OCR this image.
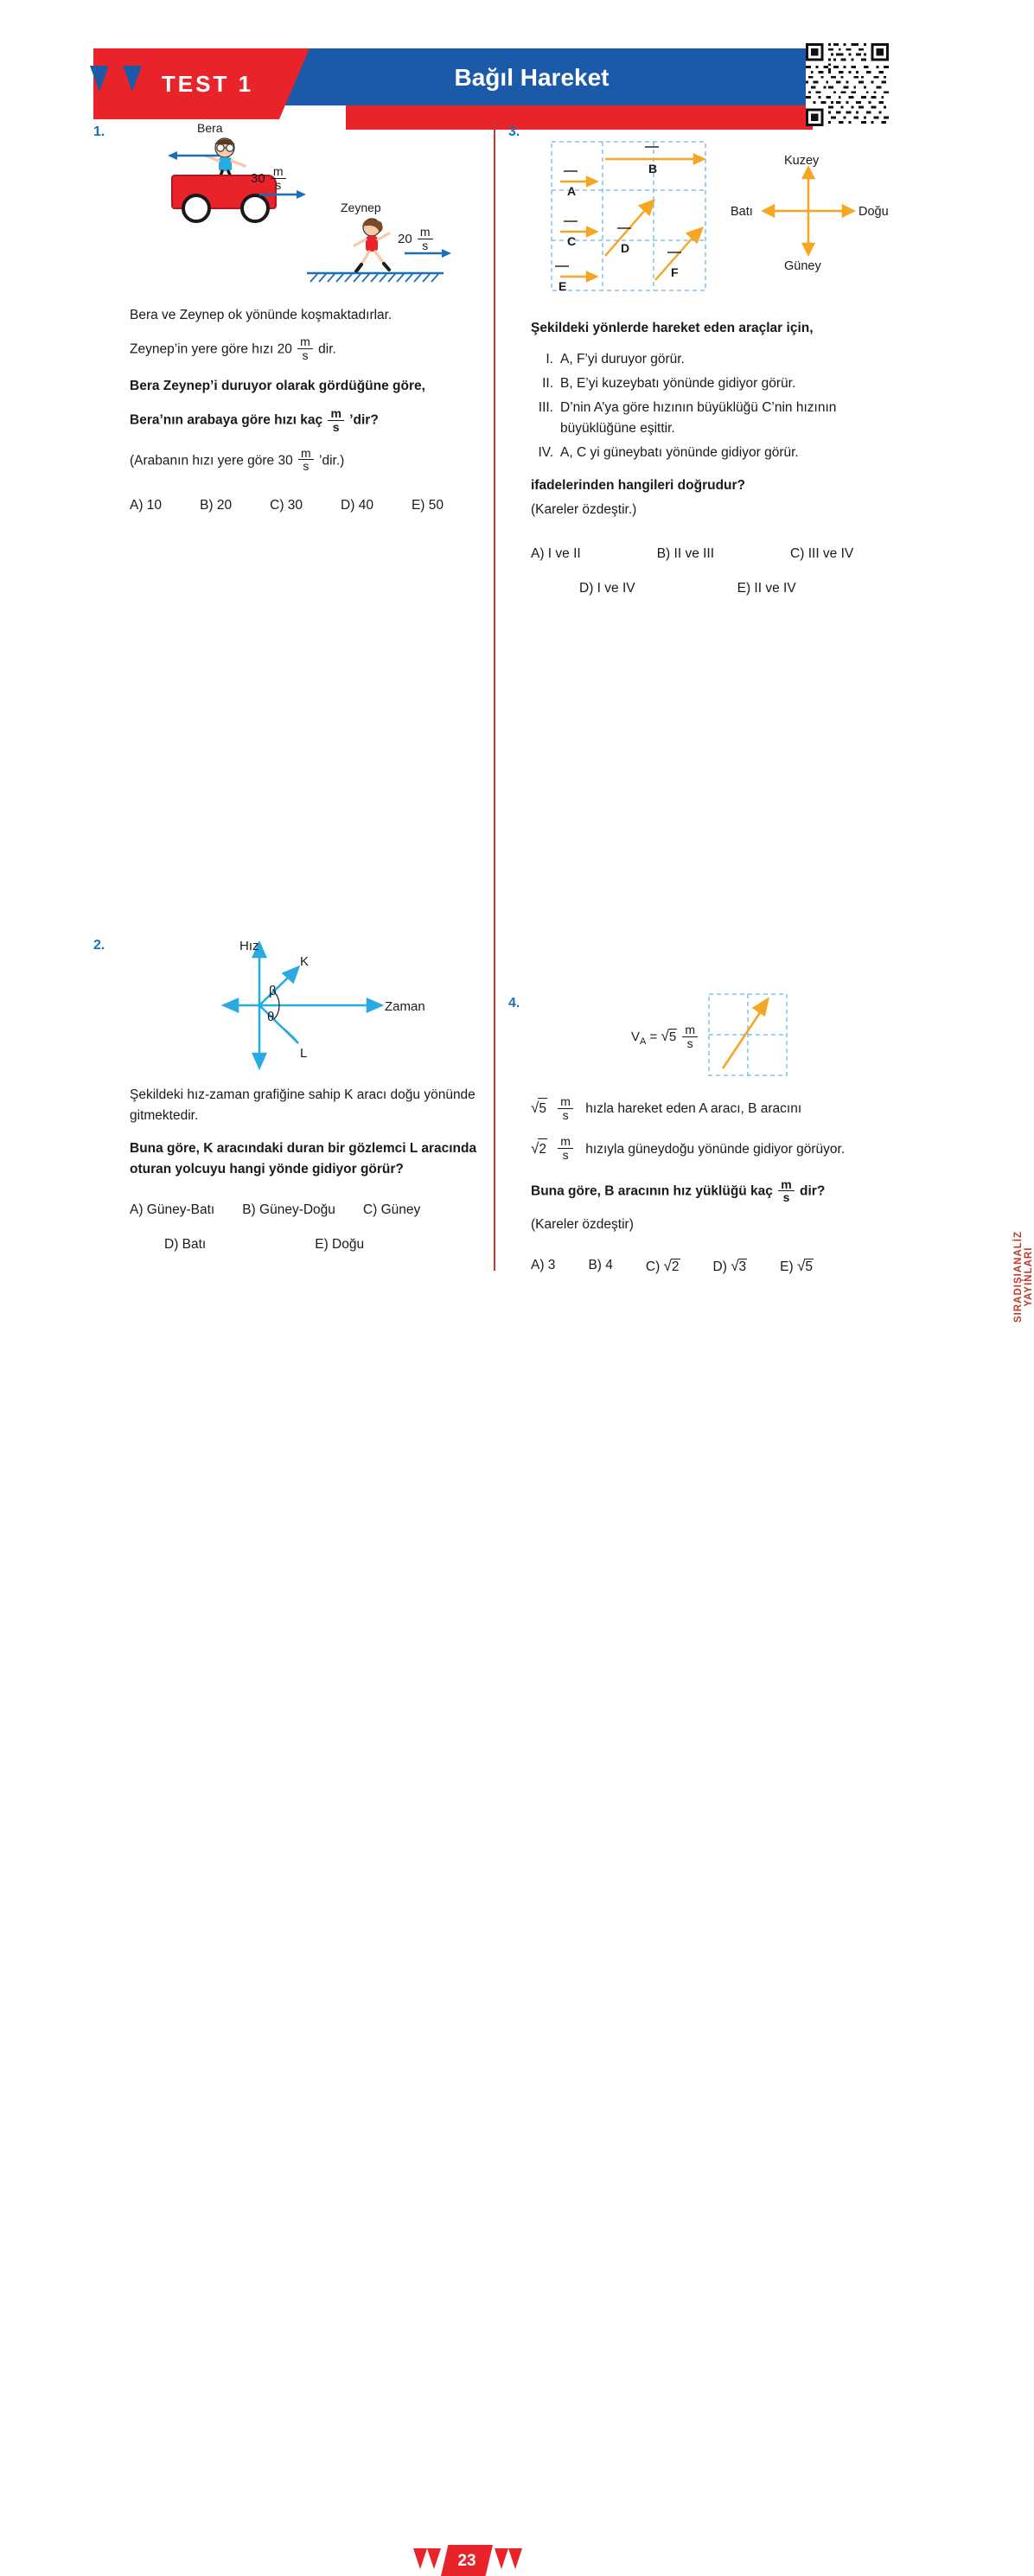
TEST 1	Bağıl Hareket
SIRADIŞIANALİZ YAYINLARI
1.	Bera
$30 \frac{m}{s}$
Zeynep
$20 \frac{m}{s}$
Bera ve Zeynep ok yönünde koşmaktadırlar.
Zeynep’in yere göre hızı $20 \frac{m}{s}$ dir.
Bera Zeynep’i duruyor olarak gördüğüne göre,
Bera’nın arabaya göre hızı kaç $\frac{m}{s}$ ’dir?
(Arabanın hızı yere göre $30 \frac{m}{s}$ ’dir.)
A) 10	B) 20	C) 30	D) 40	E) 50
3.
B
A
C	D
F
E
Kuzey
Güney
Doğu
Batı
Şekildeki yönlerde hareket eden araçlar için,
I. A, F’yi duruyor görür.
II. B, E’yi kuzeybatı yönünde gidiyor görür.
III. D’nin A’ya göre hızının büyüklüğü C’nin hızının büyüklüğüne eşittir.
IV. A, C yi güneybatı yönünde gidiyor görür.
ifadelerinden hangileri doğrudur?
(Kareler özdeştir.)
A) I ve II	B) II ve III	C) III ve IV
D) I ve IV	E) II ve IV
2.	Hız
Zaman
K
L
β
θ
Şekildeki hız-zaman grafiğine sahip K aracı doğu yönünde gitmektedir.
Buna göre, K aracındaki duran bir gözlemci L aracında oturan yolcuyu hangi yönde gidiyor görür?
A) Güney-Batı B) Güney-Doğu C) Güney
D) Batı	E) Doğu
4.
$V_A = √5 \frac{m}{s}$
$√5 \frac{m}{s}$ hızla hareket eden A aracı, B aracını
$√2 \frac{m}{s}$ hızıyla güneydoğu yönünde gidiyor görüyor.
Buna göre, B aracının hız yüklüğü kaç $\frac{m}{s}$ dir?
(Kareler özdeştir)
A) 3 B) 4 C) √2	D) √3	E) √5
23
